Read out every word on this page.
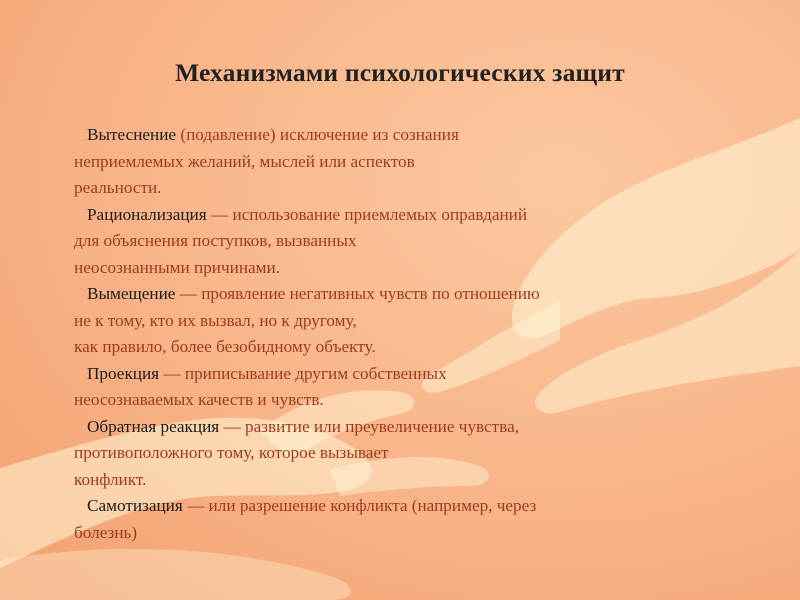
Механизмами психологических защит
Вытеснение (подавление) исключение из сознания
неприемлемых желаний, мыслей или аспектов
реальности.
Рационализация — использование приемлемых оправданий
для объяснения поступков, вызванных
неосознанными причинами.
Вымещение — проявление негативных чувств по отношению
не к тому, кто их вызвал, но к другому,
как правило, более безобидному объекту.
Проекция — приписывание другим собственных
неосознаваемых качеств и чувств.
Обратная реакция — развитие или преувеличение чувства,
противоположного тому, которое вызывает
конфликт.
Самотизация — или разрешение конфликта (например, через
болезнь)
